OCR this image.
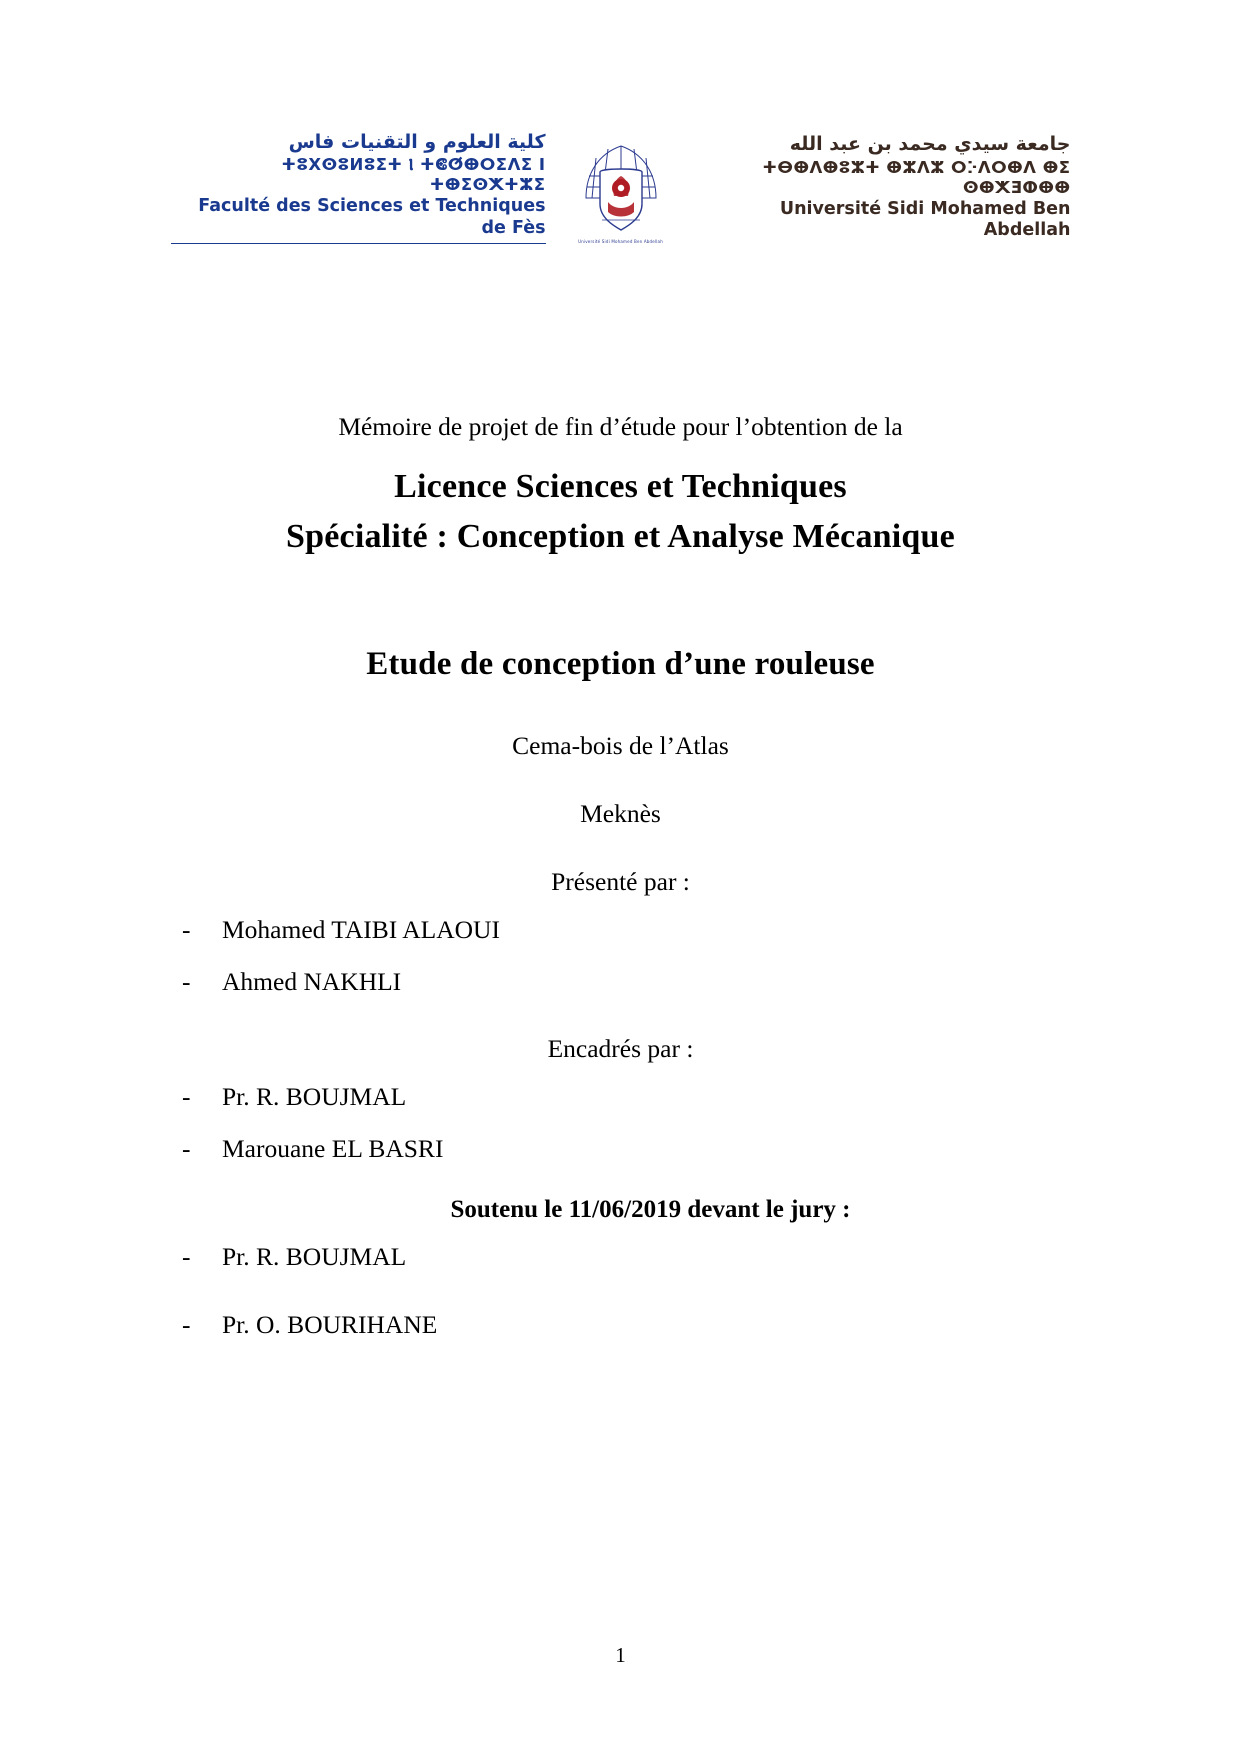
كلية العلوم و التقنيات فاس
ⵜⵓⵝⵙⵓⵍⵓⵉⵜ Ⲓ ⵜⵞⵚⴲⵔⵉⴷⵉ ⵏ ⵜⴲⵉⵙⵅⵜⵣⵉ
Faculté des Sciences et Techniques de Fès
Université Sidi Mohamed Ben Abdellah
جامعة سيدي محمد بن عبد الله
ⵜⴱⴲⴷⴲⵓⵣⵜ ⴲⵣⴷⵣ ⵔⴾⴷⵔⴲⴷ ⴲⵉ ⵙⴲⵅⴺⵀⴲⴲ
Université Sidi Mohamed Ben Abdellah
Mémoire de projet de fin d’étude pour l’obtention de la
Licence Sciences et Techniques
Spécialité : Conception et Analyse Mécanique
Etude de conception d’une rouleuse
Cema-bois de l’Atlas
Meknès
Présenté par :
- Mohamed TAIBI ALAOUI
- Ahmed NAKHLI
Encadrés par :
- Pr. R. BOUJMAL
- Marouane EL BASRI
Soutenu le 11/06/2019 devant le jury :
- Pr. R. BOUJMAL
- Pr. O. BOURIHANE
1
